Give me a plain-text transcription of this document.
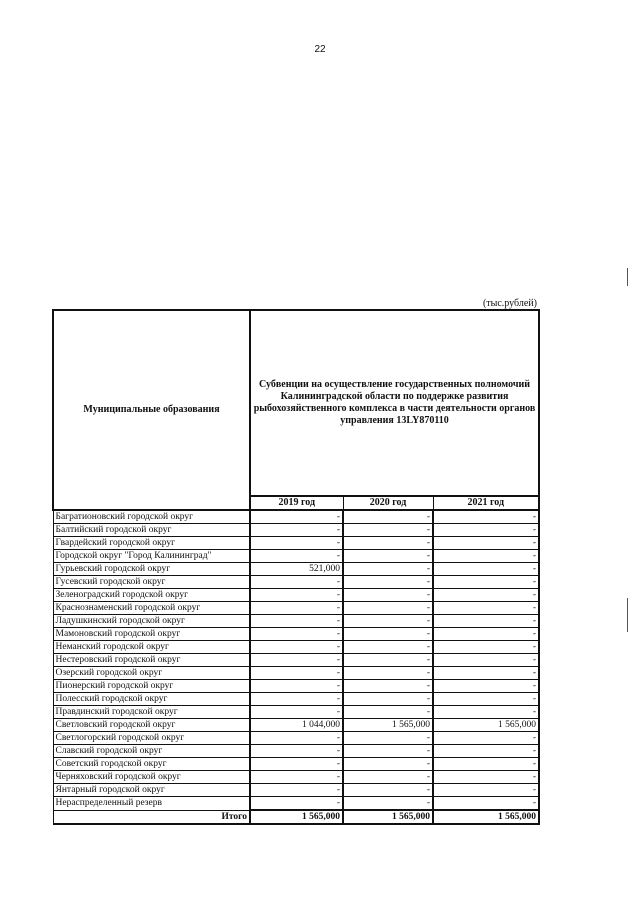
22
(тыс.рублей)
Муниципальные образования	Субвенции на осуществление государственных полномочий Калининградской области по поддержке развития рыбохозяйственного комплекса в части деятельности органов управления 13LY870110		
	2019 год	2020 год	2021 год
Багратионовский городской округ	-	-	-
Балтийский городской округ	-	-	-
Гвардейский городской округ	-	-	-
Городской округ "Город Калининград"	-	-	-
Гурьевский городской округ	521,000	-	-
Гусевский городской округ	-	-	-
Зеленоградский городской округ	-	-	-
Краснознаменский городской округ	-	-	-
Ладушкинский городской округ	-	-	-
Мамоновский городской округ	-	-	-
Неманский городской округ	-	-	-
Нестеровский городской округ	-	-	-
Озерский городской округ	-	-	-
Пионерский городской округ	-	-	-
Полесский городской округ	-	-	-
Правдинский городской округ	-	-	-
Светловский городской округ	1 044,000	1 565,000	1 565,000
Светлогорский городской округ	-	-	-
Славский городской округ	-	-	-
Советский городской округ	-	-	-
Черняховский городской округ	-	-	-
Янтарный городской округ	-	-	-
Нераспределенный резерв	-	-	-
Итого	1 565,000	1 565,000	1 565,000
